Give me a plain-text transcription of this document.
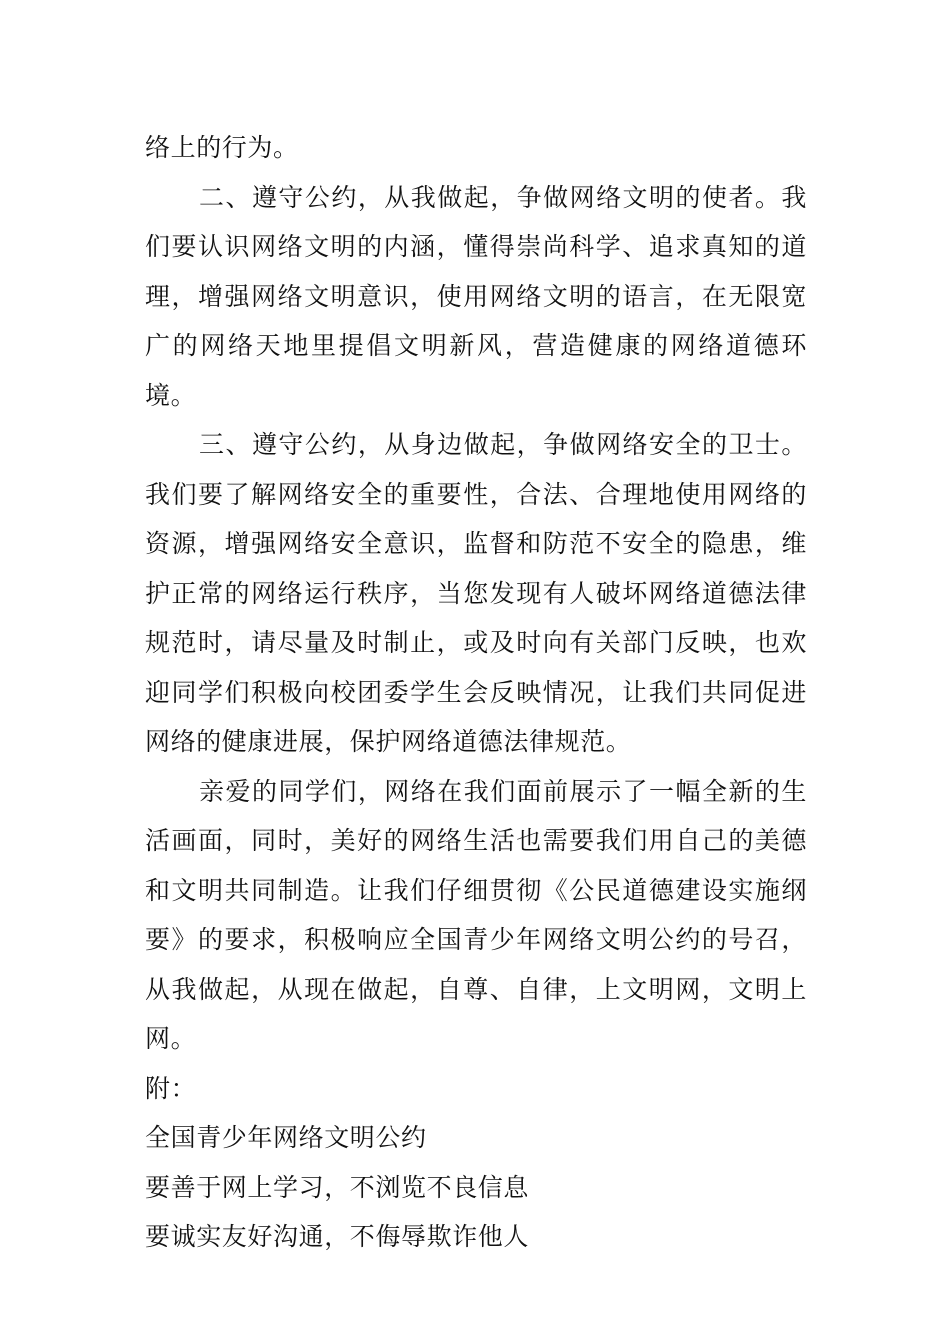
络上的行为。

二、遵守公约，从我做起，争做网络文明的使者。我们要认识网络文明的内涵，懂得崇尚科学、追求真知的道理，增强网络文明意识，使用网络文明的语言，在无限宽广的网络天地里提倡文明新风，营造健康的网络道德环境。

三、遵守公约，从身边做起，争做网络安全的卫士。我们要了解网络安全的重要性，合法、合理地使用网络的资源，增强网络安全意识，监督和防范不安全的隐患，维护正常的网络运行秩序，当您发现有人破坏网络道德法律规范时，请尽量及时制止，或及时向有关部门反映，也欢迎同学们积极向校团委学生会反映情况，让我们共同促进网络的健康进展，保护网络道德法律规范。

亲爱的同学们，网络在我们面前展示了一幅全新的生活画面，同时，美好的网络生活也需要我们用自己的美德和文明共同制造。让我们仔细贯彻《公民道德建设实施纲要》的要求，积极响应全国青少年网络文明公约的号召，从我做起，从现在做起，自尊、自律，上文明网，文明上网。

附：

全国青少年网络文明公约

要善于网上学习，不浏览不良信息

要诚实友好沟通，不侮辱欺诈他人
